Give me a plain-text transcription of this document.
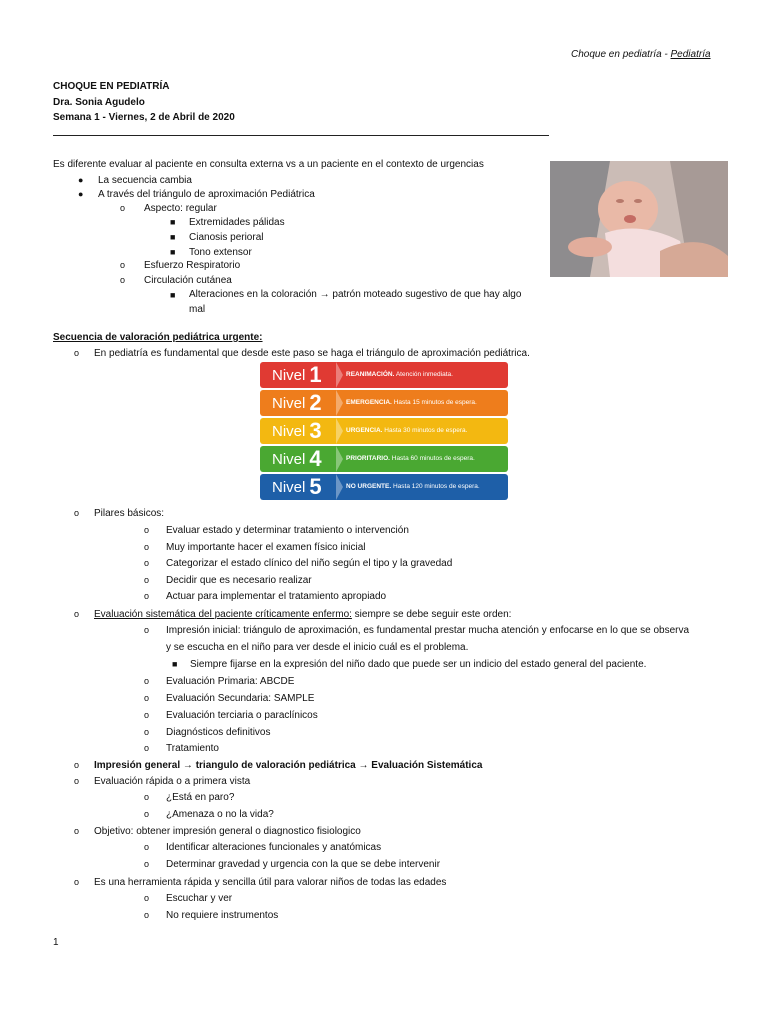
Choque en pediatría - Pediatría
CHOQUE EN PEDIATRÍA
Dra. Sonia Agudelo
Semana 1 - Viernes, 2 de Abril de 2020
Es diferente evaluar al paciente en consulta externa vs a un paciente en el contexto de urgencias
● La secuencia cambia
● A través del triángulo de aproximación Pediátrica
o Aspecto: regular
■ Extremidades pálidas
■ Cianosis perioral
■ Tono extensor
o Esfuerzo Respiratorio
o Circulación cutánea
■ Alteraciones en la coloración → patrón moteado sugestivo de que hay algo
mal
Secuencia de valoración pediátrica urgente:
o En pediatría es fundamental que desde este paso se haga el triángulo de aproximación pediátrica.
Nivel 1	REANIMACIÓN. Atención inmediata.
Nivel 2	EMERGENCIA. Hasta 15 minutos de espera.
Nivel 3	URGENCIA. Hasta 30 minutos de espera.
Nivel 4	PRIORITARIO. Hasta 60 minutos de espera.
Nivel 5	NO URGENTE. Hasta 120 minutos de espera.
o Pilares básicos:
o Evaluar estado y determinar tratamiento o intervención
o Muy importante hacer el examen físico inicial
o Categorizar el estado clínico del niño según el tipo y la gravedad
o Decidir que es necesario realizar
o Actuar para implementar el tratamiento apropiado
o Evaluación sistemática del paciente críticamente enfermo: siempre se debe seguir este orden:
o Impresión inicial: triángulo de aproximación, es fundamental prestar mucha atención y enfocarse en lo que se observa
y se escucha en el niño para ver desde el inicio cuál es el problema.
■ Siempre fijarse en la expresión del niño dado que puede ser un indicio del estado general del paciente.
o Evaluación Primaria: ABCDE
o Evaluación Secundaria: SAMPLE
o Evaluación terciaria o paraclínicos
o Diagnósticos definitivos
o Tratamiento
o Impresión general → triangulo de valoración pediátrica → Evaluación Sistemática
o Evaluación rápida o a primera vista
o ¿Está en paro?
o ¿Amenaza o no la vida?
o Objetivo: obtener impresión general o diagnostico fisiologico
o Identificar alteraciones funcionales y anatómicas
o Determinar gravedad y urgencia con la que se debe intervenir
o Es una herramienta rápida y sencilla útil para valorar niños de todas las edades
o Escuchar y ver
o No requiere instrumentos
1
